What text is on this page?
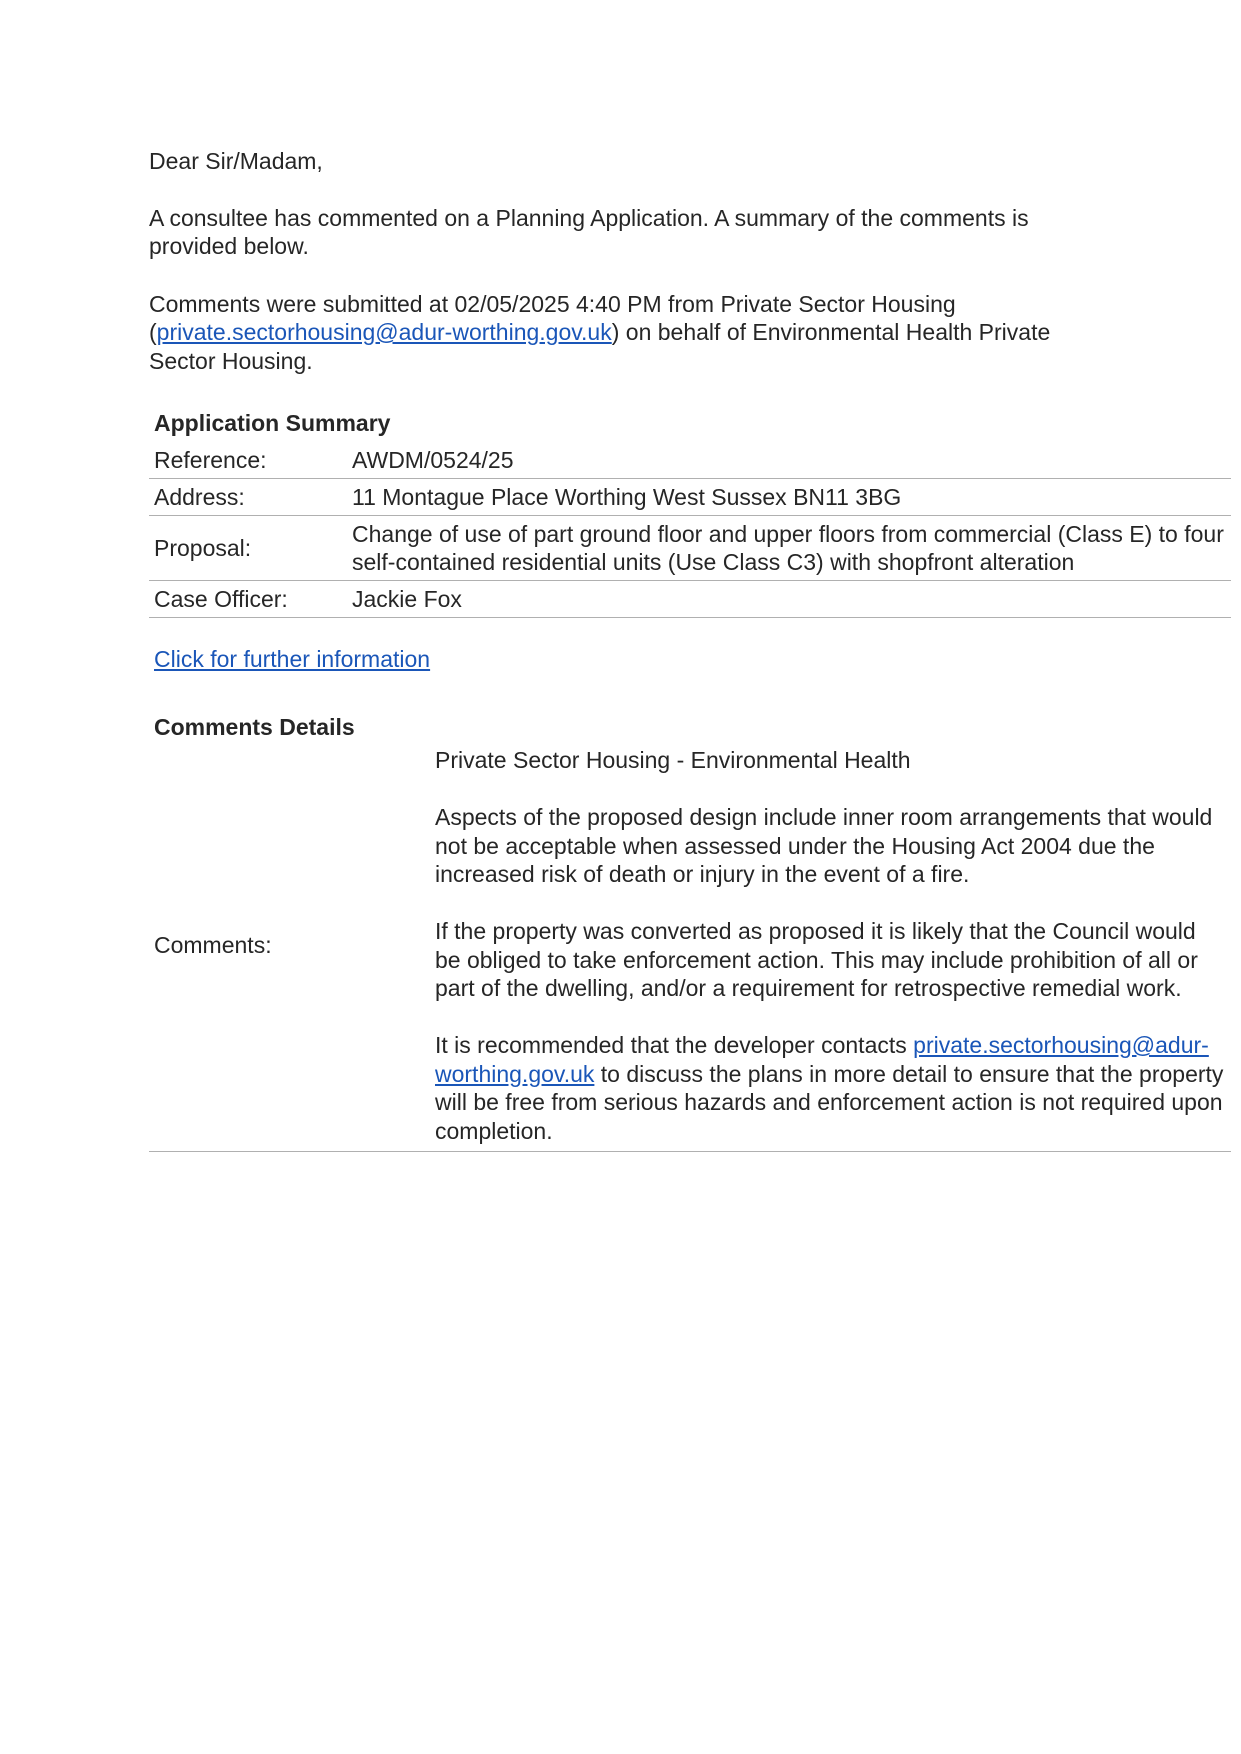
Dear Sir/Madam,

A consultee has commented on a Planning Application. A summary of the comments is provided below.

Comments were submitted at 02/05/2025 4:40 PM from Private Sector Housing (private.sectorhousing@adur-worthing.gov.uk) on behalf of Environmental Health Private Sector Housing.

Application Summary
Reference:	AWDM/0524/25
Address:	11 Montague Place Worthing West Sussex BN11 3BG
Proposal:	Change of use of part ground floor and upper floors from commercial (Class E) to four self-contained residential units (Use Class C3) with shopfront alteration
Case Officer:	Jackie Fox
Click for further information
Comments Details
Comments:	

Private Sector Housing - Environmental Health

Aspects of the proposed design include inner room arrangements that would not be acceptable when assessed under the Housing Act 2004 due the increased risk of death or injury in the event of a fire.

If the property was converted as proposed it is likely that the Council would be obliged to take enforcement action. This may include prohibition of all or part of the dwelling, and/or a requirement for retrospective remedial work.

It is recommended that the developer contacts private.sectorhousing@adur-worthing.gov.uk to discuss the plans in more detail to ensure that the property will be free from serious hazards and enforcement action is not required upon completion.
